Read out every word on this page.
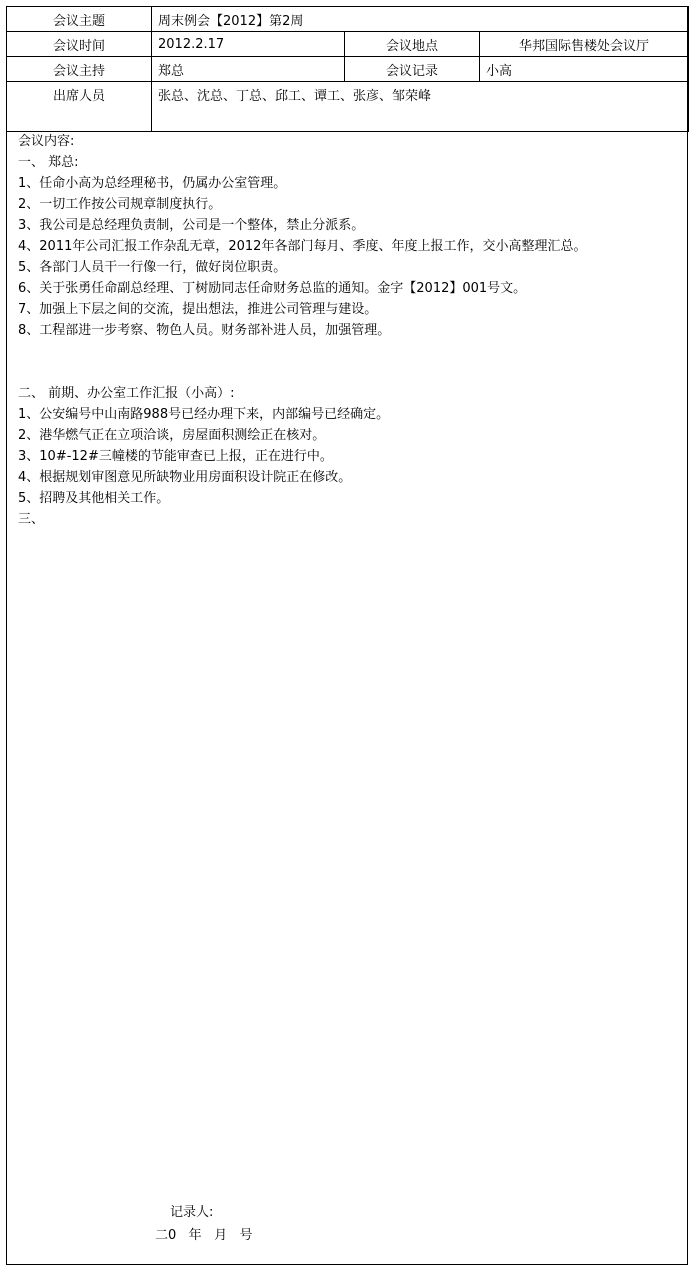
会议主题	周末例会【2012】第2周		
会议时间	2012.2.17	会议地点	华邦国际售楼处会议厅
会议主持	郑总	会议记录	小高
出席人员	张总、沈总、丁总、邱工、谭工、张彦、邹荣峰		
会议内容:
一、 郑总:
1、任命小高为总经理秘书，仍属办公室管理。
2、一切工作按公司规章制度执行。
3、我公司是总经理负责制，公司是一个整体，禁止分派系。
4、2011年公司汇报工作杂乱无章，2012年各部门每月、季度、年度上报工作，交小高整理汇总。
5、各部门人员干一行像一行，做好岗位职责。
6、关于张勇任命副总经理、丁树励同志任命财务总监的通知。金字【2012】001号文。
7、加强上下层之间的交流，提出想法，推进公司管理与建设。
8、工程部进一步考察、物色人员。财务部补进人员，加强管理。
二、 前期、办公室工作汇报（小高）:
1、公安编号中山南路988号已经办理下来，内部编号已经确定。
2、港华燃气正在立项洽谈，房屋面积测绘正在核对。
3、10#-12#三幢楼的节能审查已上报，正在进行中。
4、根据规划审图意见所缺物业用房面积设计院正在修改。
5、招聘及其他相关工作。
三、
记录人:
二0   年   月   号
